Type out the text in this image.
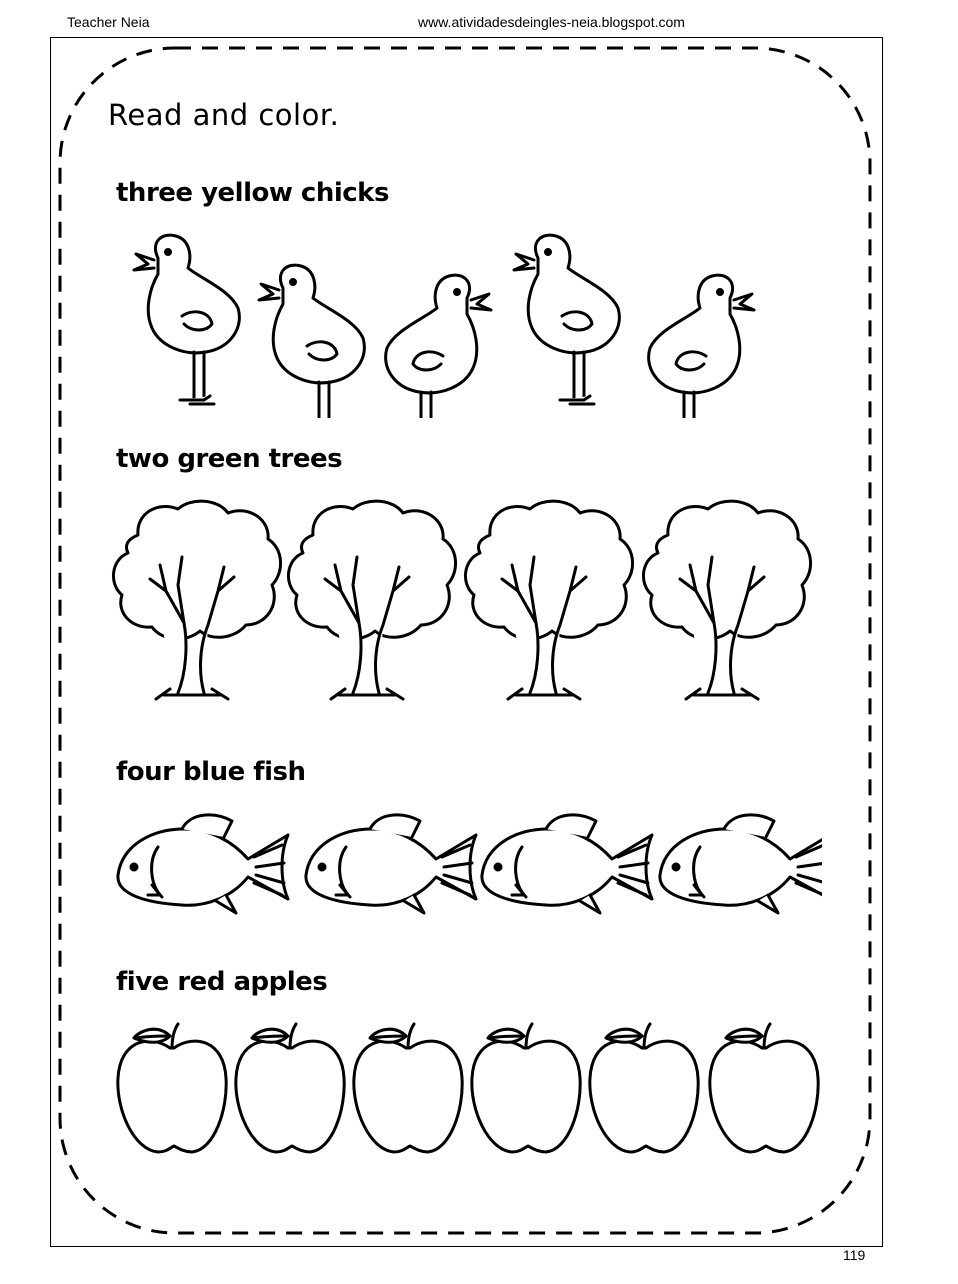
Teacher Neia	www.atividadesdeingles-neia.blogspot.com
Read and color.
three yellow chicks
two green trees
four blue fish
five red apples
119
